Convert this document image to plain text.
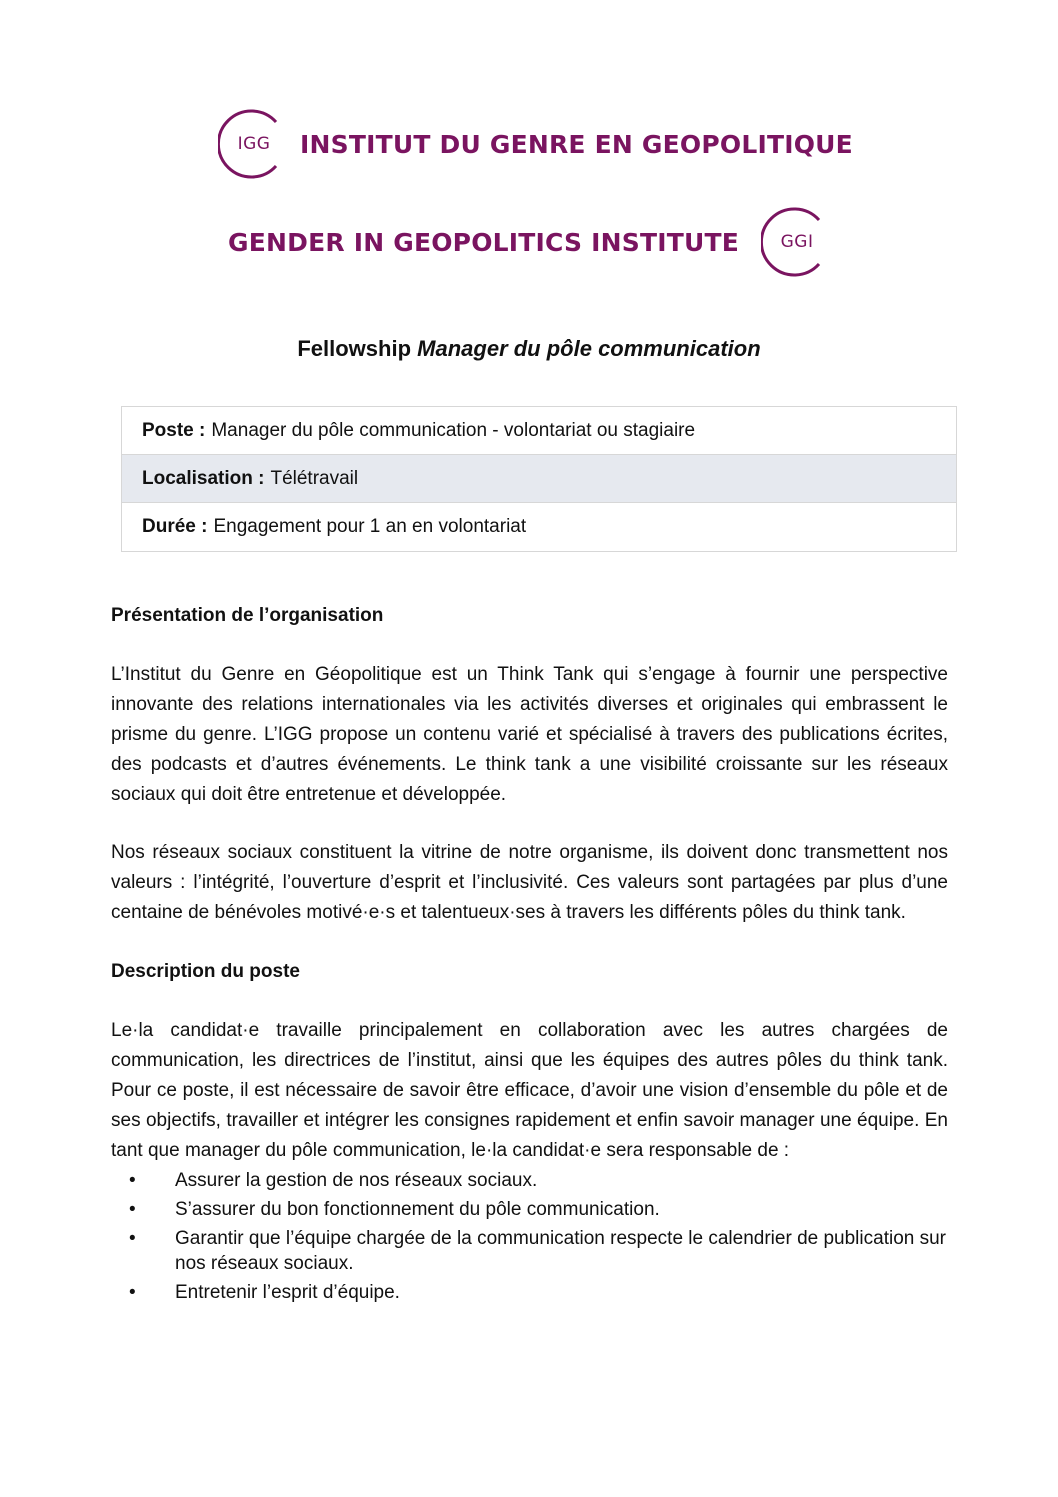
IGG INSTITUT DU GENRE EN GEOPOLITIQUE
GENDER IN GEOPOLITICS INSTITUTE GGI
Fellowship Manager du pôle communication
Poste : Manager du pôle communication - volontariat ou stagiaire
Localisation : Télétravail
Durée : Engagement pour 1 an en volontariat
Présentation de l’organisation

L’Institut du Genre en Géopolitique est un Think Tank qui s’engage à fournir une perspective innovante des relations internationales via les activités diverses et originales qui embrassent le prisme du genre. L’IGG propose un contenu varié et spécialisé à travers des publications écrites, des podcasts et d’autres événements. Le think tank a une visibilité croissante sur les réseaux sociaux qui doit être entretenue et développée.

Nos réseaux sociaux constituent la vitrine de notre organisme, ils doivent donc transmettent nos valeurs : l’intégrité, l’ouverture d’esprit et l’inclusivité. Ces valeurs sont partagées par plus d’une centaine de bénévoles motivé·e·s et talentueux·ses à travers les différents pôles du think tank.

Description du poste

Le·la candidat·e travaille principalement en collaboration avec les autres chargées de communication, les directrices de l’institut, ainsi que les équipes des autres pôles du think tank. Pour ce poste, il est nécessaire de savoir être efficace, d’avoir une vision d’ensemble du pôle et de ses objectifs, travailler et intégrer les consignes rapidement et enfin savoir manager une équipe. En tant que manager du pôle communication, le·la candidat·e sera responsable de :

• Assurer la gestion de nos réseaux sociaux.
• S’assurer du bon fonctionnement du pôle communication.
• Garantir que l’équipe chargée de la communication respecte le calendrier de publication sur nos réseaux sociaux.
• Entretenir l’esprit d’équipe.
